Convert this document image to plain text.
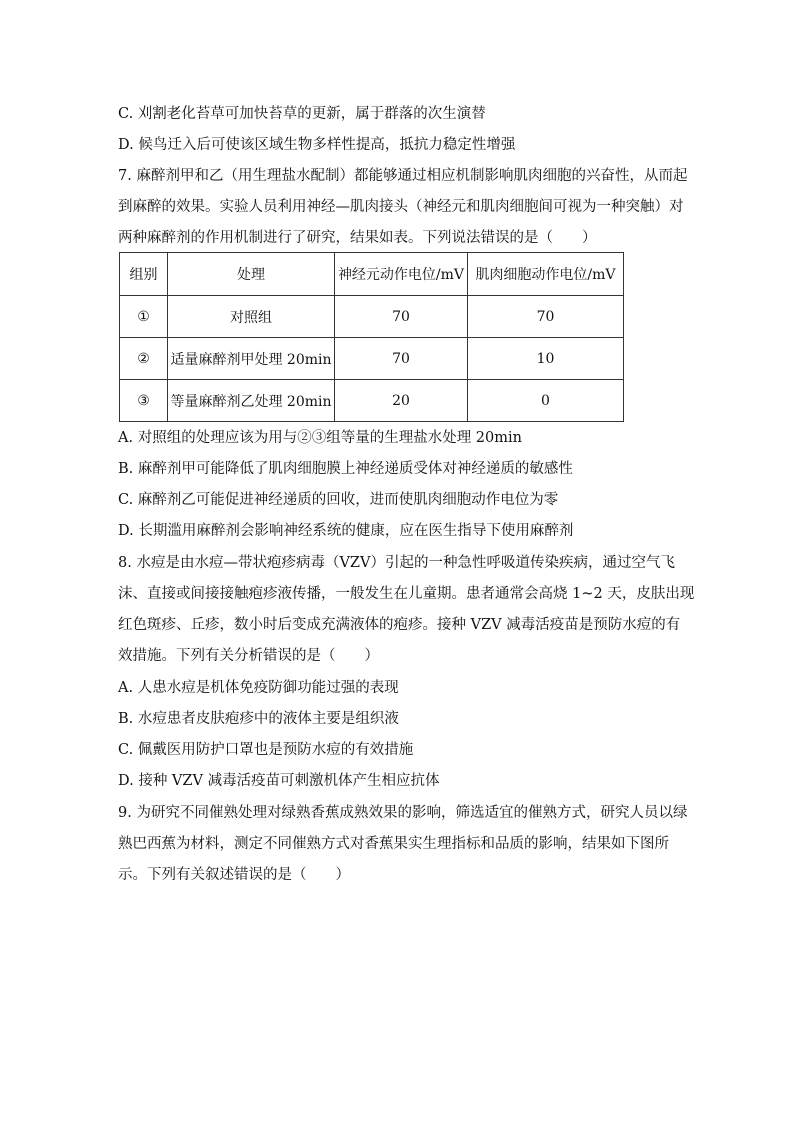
C. 刈割老化苔草可加快苔草的更新，属于群落的次生演替
D. 候鸟迁入后可使该区域生物多样性提高，抵抗力稳定性增强
7. 麻醉剂甲和乙（用生理盐水配制）都能够通过相应机制影响肌肉细胞的兴奋性，从而起
到麻醉的效果。实验人员利用神经—肌肉接头（神经元和肌肉细胞间可视为一种突触）对
两种麻醉剂的作用机制进行了研究，结果如表。下列说法错误的是（　　）
组别	处理	神经元动作电位/mV	肌肉细胞动作电位/mV
①	对照组	70	70
②	适量麻醉剂甲处理 20min	70	10
③	等量麻醉剂乙处理 20min	20	0
A. 对照组的处理应该为用与②③组等量的生理盐水处理 20min
B. 麻醉剂甲可能降低了肌肉细胞膜上神经递质受体对神经递质的敏感性
C. 麻醉剂乙可能促进神经递质的回收，进而使肌肉细胞动作电位为零
D. 长期滥用麻醉剂会影响神经系统的健康，应在医生指导下使用麻醉剂
8. 水痘是由水痘—带状疱疹病毒（VZV）引起的一种急性呼吸道传染疾病，通过空气飞
沫、直接或间接接触疱疹液传播，一般发生在儿童期。患者通常会高烧 1~2 天，皮肤出现
红色斑疹、丘疹，数小时后变成充满液体的疱疹。接种 VZV 减毒活疫苗是预防水痘的有
效措施。下列有关分析错误的是（　　）
A. 人患水痘是机体免疫防御功能过强的表现
B. 水痘患者皮肤疱疹中的液体主要是组织液
C. 佩戴医用防护口罩也是预防水痘的有效措施
D. 接种 VZV 减毒活疫苗可刺激机体产生相应抗体
9. 为研究不同催熟处理对绿熟香蕉成熟效果的影响，筛选适宜的催熟方式，研究人员以绿
熟巴西蕉为材料，测定不同催熟方式对香蕉果实生理指标和品质的影响，结果如下图所
示。下列有关叙述错误的是（　　）
